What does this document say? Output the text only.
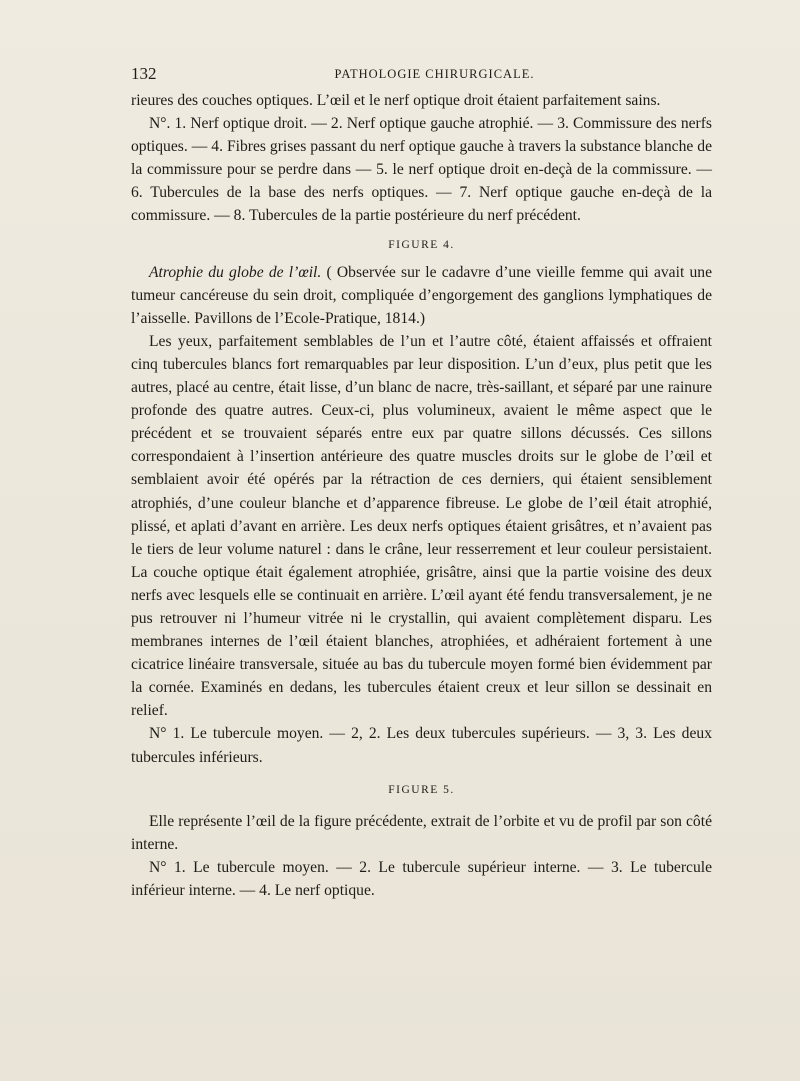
132	PATHOLOGIE CHIRURGICALE.

rieures des couches optiques. L’œil et le nerf optique droit étaient parfaitement sains.

N°. 1. Nerf optique droit. — 2. Nerf optique gauche atrophié. — 3. Commissure des nerfs optiques. — 4. Fibres grises passant du nerf optique gauche à travers la substance blanche de la commissure pour se perdre dans — 5. le nerf optique droit en-deçà de la commissure. — 6. Tubercules de la base des nerfs optiques. — 7. Nerf optique gauche en-deçà de la commissure. — 8. Tubercules de la partie postérieure du nerf précédent.

FIGURE 4.

Atrophie du globe de l’œil. ( Observée sur le cadavre d’une vieille femme qui avait une tumeur cancéreuse du sein droit, compliquée d’engorgement des ganglions lymphatiques de l’aisselle. Pavillons de l’Ecole-Pratique, 1814.)

Les yeux, parfaitement semblables de l’un et l’autre côté, étaient affaissés et offraient cinq tubercules blancs fort remarquables par leur disposition. L’un d’eux, plus petit que les autres, placé au centre, était lisse, d’un blanc de nacre, très-saillant, et séparé par une rainure profonde des quatre autres. Ceux-ci, plus volumineux, avaient le même aspect que le précédent et se trouvaient séparés entre eux par quatre sillons décussés. Ces sillons correspondaient à l’insertion antérieure des quatre muscles droits sur le globe de l’œil et semblaient avoir été opérés par la rétraction de ces derniers, qui étaient sensiblement atrophiés, d’une couleur blanche et d’apparence fibreuse. Le globe de l’œil était atrophié, plissé, et aplati d’avant en arrière. Les deux nerfs optiques étaient grisâtres, et n’avaient pas le tiers de leur volume naturel : dans le crâne, leur resserrement et leur couleur persistaient. La couche optique était également atrophiée, grisâtre, ainsi que la partie voisine des deux nerfs avec lesquels elle se continuait en arrière. L’œil ayant été fendu transversalement, je ne pus retrouver ni l’humeur vitrée ni le crystallin, qui avaient complètement disparu. Les membranes internes de l’œil étaient blanches, atrophiées, et adhéraient fortement à une cicatrice linéaire transversale, située au bas du tubercule moyen formé bien évidemment par la cornée. Examinés en dedans, les tubercules étaient creux et leur sillon se dessinait en relief.

N° 1. Le tubercule moyen. — 2, 2. Les deux tubercules supérieurs. — 3, 3. Les deux tubercules inférieurs.

FIGURE 5.

Elle représente l’œil de la figure précédente, extrait de l’orbite et vu de profil par son côté interne.

N° 1. Le tubercule moyen. — 2. Le tubercule supérieur interne. — 3. Le tubercule inférieur interne. — 4. Le nerf optique.
